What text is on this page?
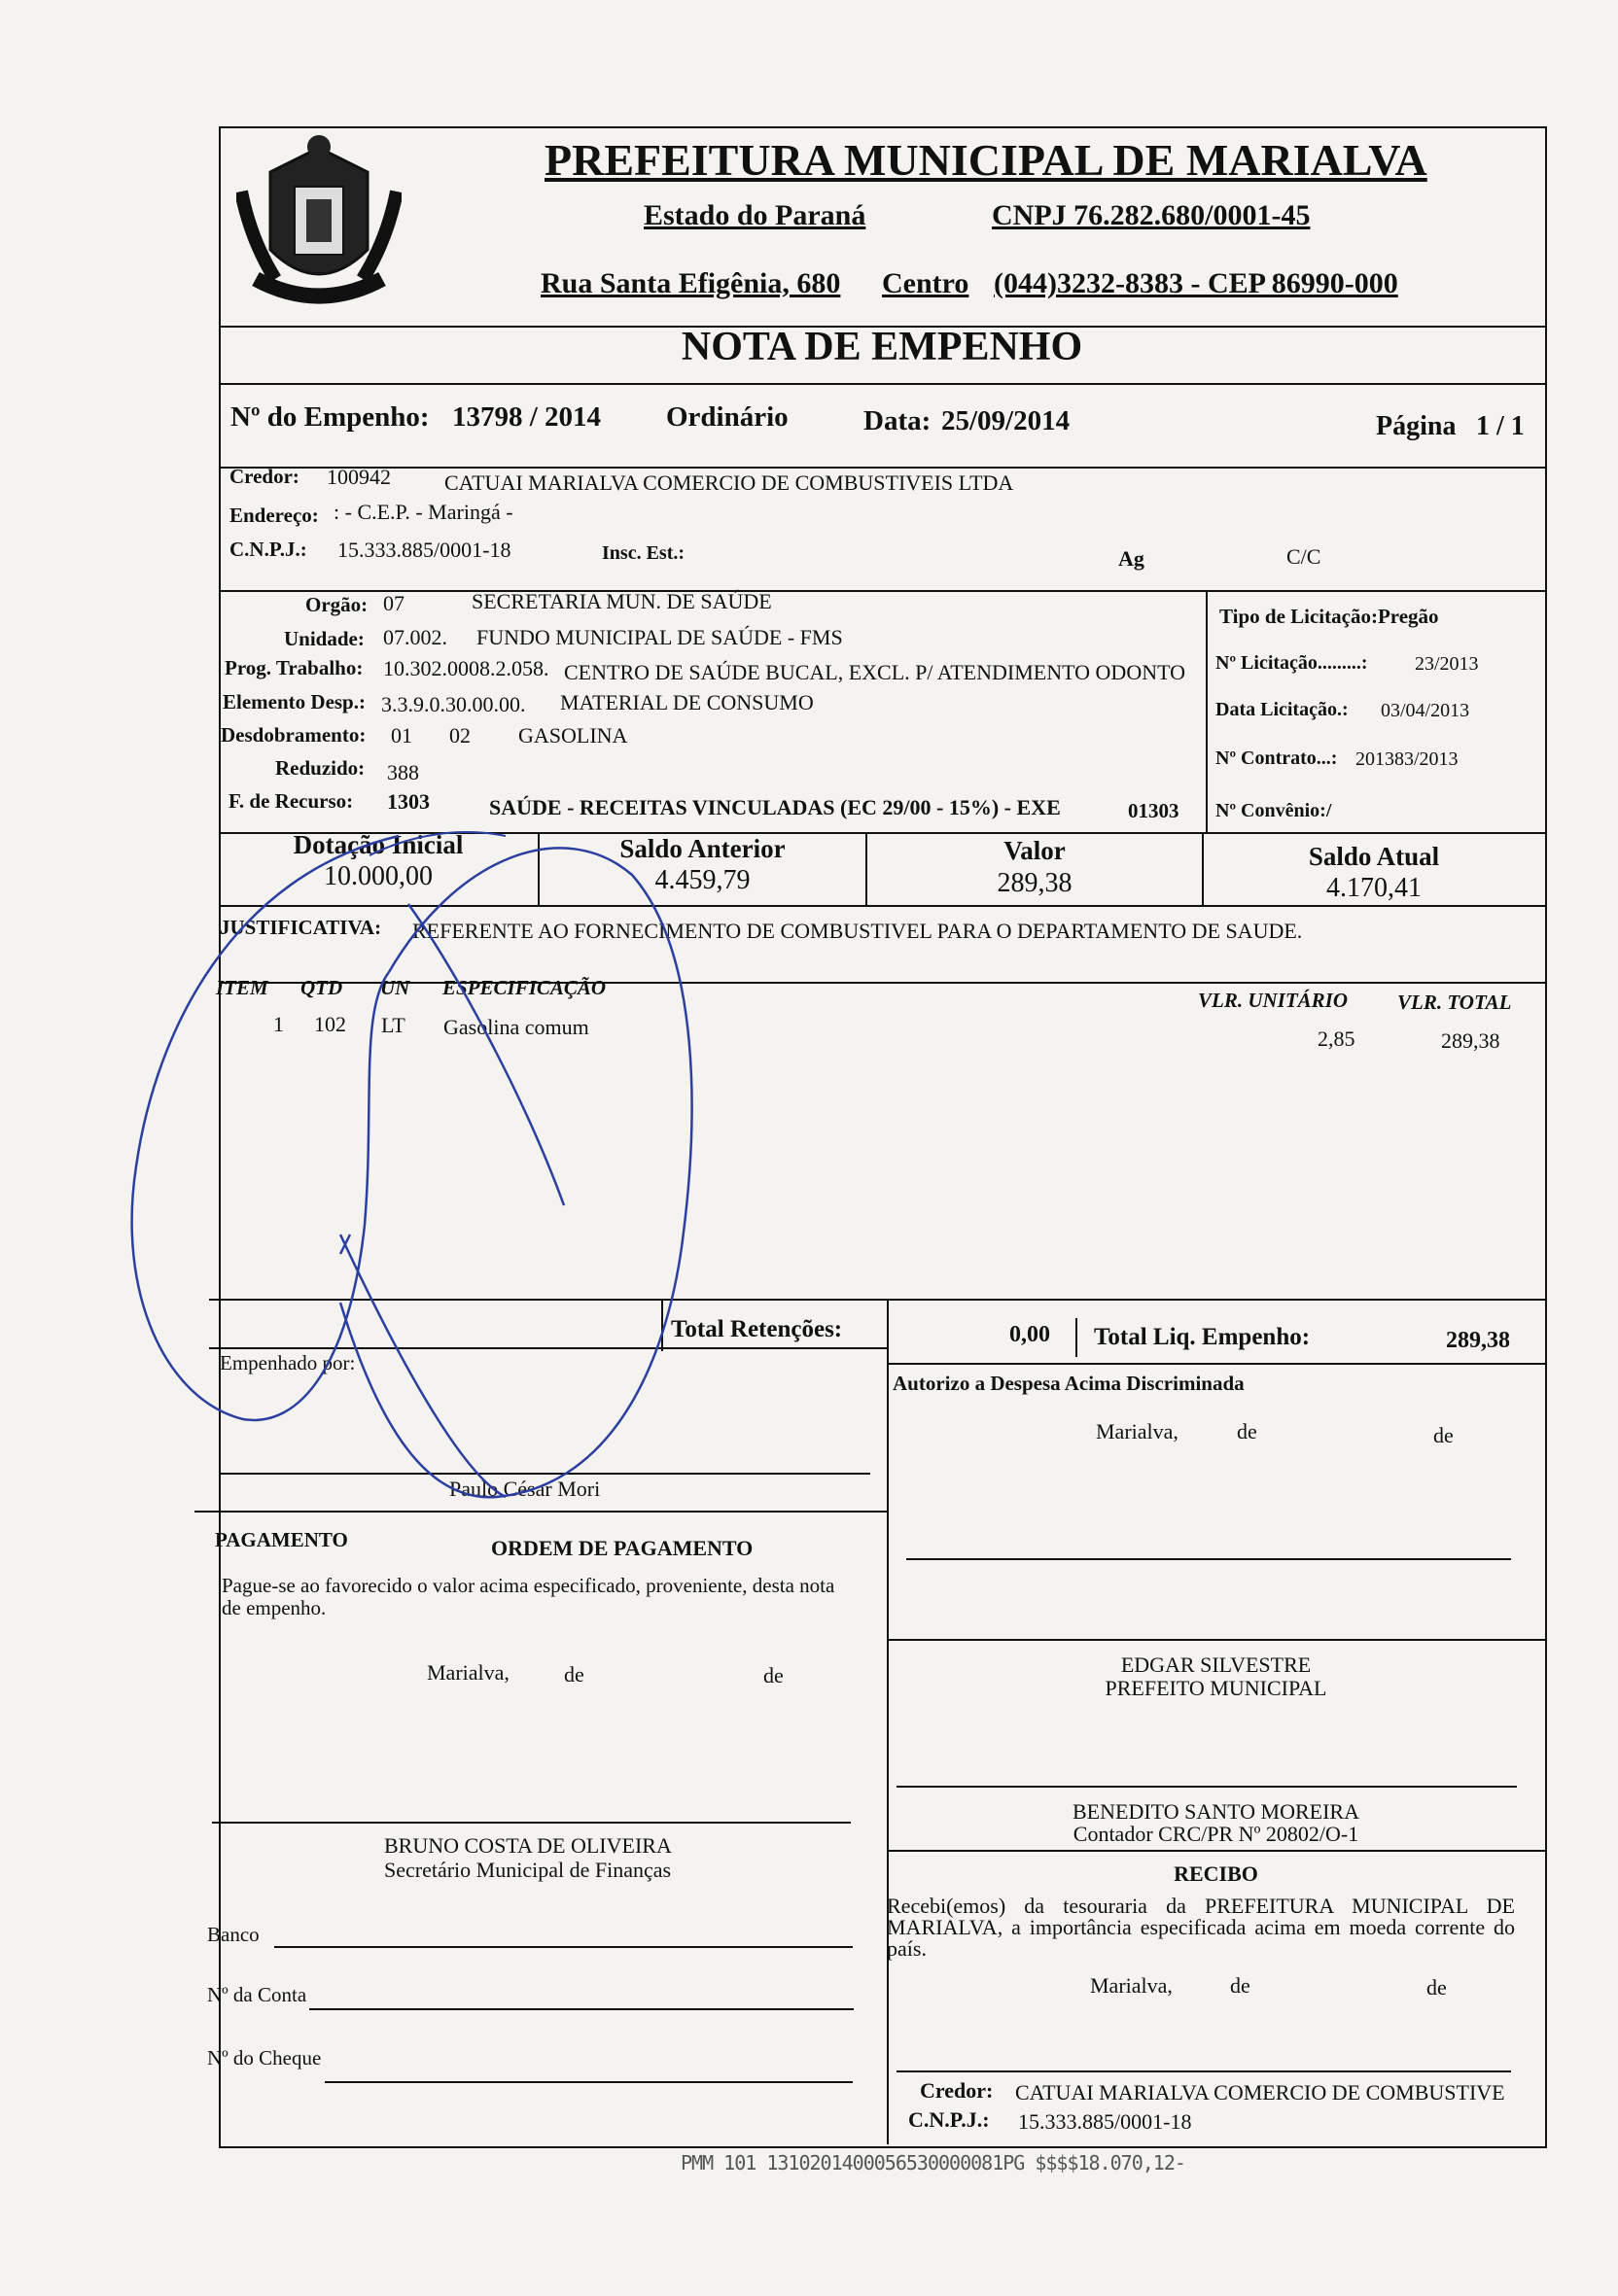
PREFEITURA MUNICIPAL DE MARIALVA
Estado do Paraná	CNPJ 76.282.680/0001-45
Rua Santa Efigênia, 680 Centro (044)3232-8383 - CEP 86990-000
NOTA DE EMPENHO
Nº do Empenho: 13798 / 2014 Ordinário	Data: 25/09/2014	Página 1 / 1
Credor: 100942	CATUAI MARIALVA COMERCIO DE COMBUSTIVEIS LTDA
Endereço: : - C.E.P. - Maringá -
C.N.P.J.: 15.333.885/0001-18	Insc. Est.:	Ag	C/C
Orgão: 07	SECRETARIA MUN. DE SAÚDE
Unidade: 07.002. FUNDO MUNICIPAL DE SAÚDE - FMS
Prog. Trabalho: 10.302.0008.2.058. CENTRO DE SAÚDE BUCAL, EXCL. P/ ATENDIMENTO ODONTO
Elemento Desp.: 3.3.9.0.30.00.00. MATERIAL DE CONSUMO
Desdobramento: 01 02 GASOLINA
Reduzido: 388
F. de Recurso: 1303	SAÚDE - RECEITAS VINCULADAS (EC 29/00 - 15%) - EXE	01303
Tipo de Licitação:Pregão
Nº Licitação.........: 23/2013
Data Licitação.: 03/04/2013
Nº Contrato...: 201383/2013
Nº Convênio:/
Dotação Inicial
10.000,00
Saldo Anterior
4.459,79
Valor
289,38
Saldo Atual
4.170,41
JUSTIFICATIVA: REFERENTE AO FORNECIMENTO DE COMBUSTIVEL PARA O DEPARTAMENTO DE SAUDE.
ITEM QTD UN ESPECIFICAÇÃO
VLR. UNITÁRIO VLR. TOTAL
1 102 LT Gasolina comum	2,85	289,38
Total Retenções:	0,00 Total Liq. Empenho:	289,38
Empenhado por:
Paulo César Mori
Autorizo a Despesa Acima Discriminada
Marialva,	de	de
EDGAR SILVESTRE
PREFEITO MUNICIPAL
BENEDITO SANTO MOREIRA
Contador CRC/PR Nº 20802/O-1
RECIBO
Recebi(emos) da tesouraria da PREFEITURA MUNICIPAL DE MARIALVA, a importância especificada acima em moeda corrente do país.
Marialva,	de	de
Credor: CATUAI MARIALVA COMERCIO DE COMBUSTIVE
C.N.P.J.: 15.333.885/0001-18
PAGAMENTO	ORDEM DE PAGAMENTO
Pague-se ao favorecido o valor acima especificado, proveniente, desta nota de empenho.
Marialva,	de	de
BRUNO COSTA DE OLIVEIRA
Secretário Municipal de Finanças
Banco
Nº da Conta
Nº do Cheque
PMM 101 1310201400056530000081PG $$$$18.070,12-
